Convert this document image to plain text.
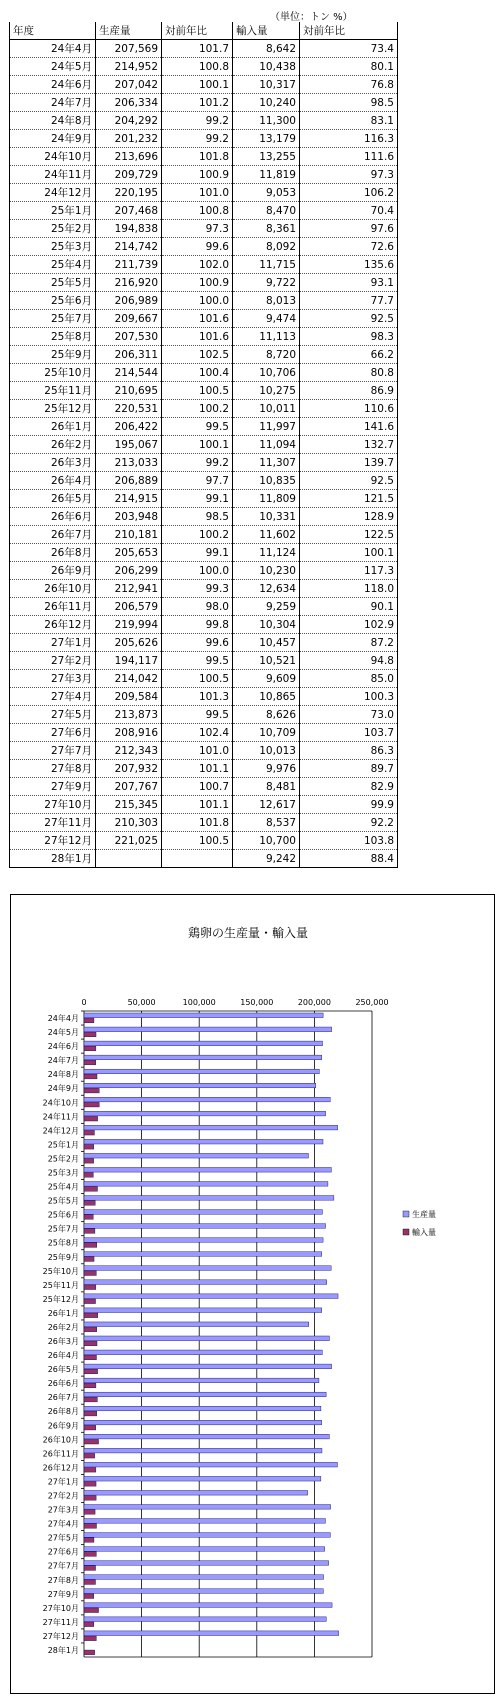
（単位：トン %）
年度	生産量	対前年比	輸入量	対前年比
24年4月	207,569	101.7	8,642	73.4
24年5月	214,952	100.8	10,438	80.1
24年6月	207,042	100.1	10,317	76.8
24年7月	206,334	101.2	10,240	98.5
24年8月	204,292	99.2	11,300	83.1
24年9月	201,232	99.2	13,179	116.3
24年10月	213,696	101.8	13,255	111.6
24年11月	209,729	100.9	11,819	97.3
24年12月	220,195	101.0	9,053	106.2
25年1月	207,468	100.8	8,470	70.4
25年2月	194,838	97.3	8,361	97.6
25年3月	214,742	99.6	8,092	72.6
25年4月	211,739	102.0	11,715	135.6
25年5月	216,920	100.9	9,722	93.1
25年6月	206,989	100.0	8,013	77.7
25年7月	209,667	101.6	9,474	92.5
25年8月	207,530	101.6	11,113	98.3
25年9月	206,311	102.5	8,720	66.2
25年10月	214,544	100.4	10,706	80.8
25年11月	210,695	100.5	10,275	86.9
25年12月	220,531	100.2	10,011	110.6
26年1月	206,422	99.5	11,997	141.6
26年2月	195,067	100.1	11,094	132.7
26年3月	213,033	99.2	11,307	139.7
26年4月	206,889	97.7	10,835	92.5
26年5月	214,915	99.1	11,809	121.5
26年6月	203,948	98.5	10,331	128.9
26年7月	210,181	100.2	11,602	122.5
26年8月	205,653	99.1	11,124	100.1
26年9月	206,299	100.0	10,230	117.3
26年10月	212,941	99.3	12,634	118.0
26年11月	206,579	98.0	9,259	90.1
26年12月	219,994	99.8	10,304	102.9
27年1月	205,626	99.6	10,457	87.2
27年2月	194,117	99.5	10,521	94.8
27年3月	214,042	100.5	9,609	85.0
27年4月	209,584	101.3	10,865	100.3
27年5月	213,873	99.5	8,626	73.0
27年6月	208,916	102.4	10,709	103.7
27年7月	212,343	101.0	10,013	86.3
27年8月	207,932	101.1	9,976	89.7
27年9月	207,767	100.7	8,481	82.9
27年10月	215,345	101.1	12,617	99.9
27年11月	210,303	101.8	8,537	92.2
27年12月	221,025	100.5	10,700	103.8
28年1月			9,242	88.4
鶏卵の生産量・輸入量
0	50,000	100,000	150,000	200,000	250,000
24年4月
24年5月
24年6月
24年7月
24年8月
24年9月
24年10月
24年11月
24年12月
25年1月
25年2月
25年3月
25年4月
25年5月
25年6月
25年7月
25年8月
25年9月
25年10月
25年11月
25年12月
26年1月
26年2月
26年3月
26年4月
26年5月
26年6月
26年7月
26年8月
26年9月
26年10月
26年11月
26年12月
27年1月
27年2月
27年3月
27年4月
27年5月
27年6月
27年7月
27年8月
27年9月
27年10月
27年11月
27年12月
28年1月
生産量
輸入量
